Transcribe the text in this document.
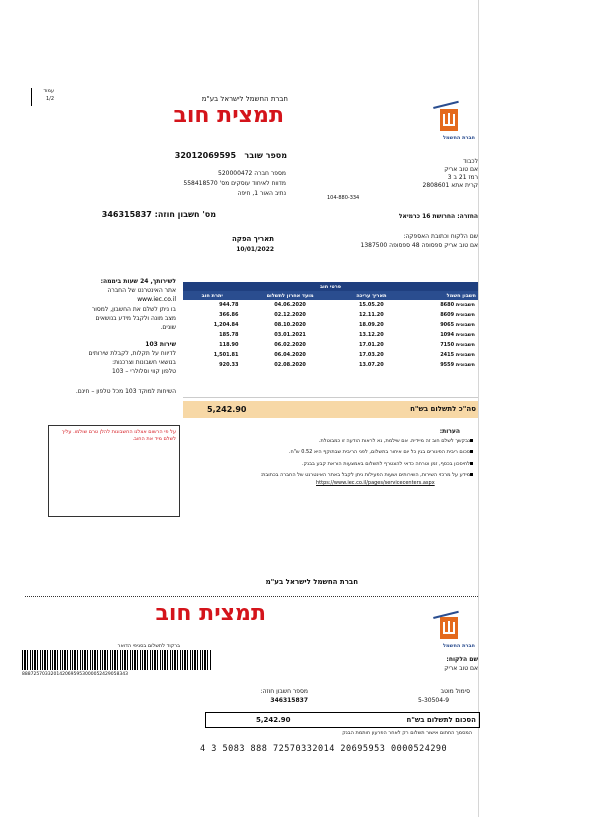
עמוד
1/2	חברת החשמל לישראל בע"מ
תמצית חוב
חברת החשמל
מספר שובר   32012069595
מספר חברה 520000472
מדווח לאיחוד עוסקים מס' 558418570
נתיב האור 1, חיפה
לכבוד
אם טוב אריק
רמז 21 ב 3
קרית אתא 2808601
104-880-334
מס' חשבון חוזה: 346315837	החזרה: החרושת 16 כרמיאל
תאריך הפקה
10/01/2022
שם הלקוח וכתובת האספקה:
אם טוב אריק ספסופה 48 ספסופה 1387500
לשירותך, 24 שעות ביממה:
אתר האינטרנט של החברה
www.iec.co.il
בו ניתן לשלם את החשבון, למסור
מצב מונה ולקבל מידע בנושאים
שונים.
שירות 103
לדיווח על תקלות, לקבלת שירותים
בנושאי חשבונות וצרכנות:
טלפון קווי וסלולרי – 103
השיחות למוקד 103 מכל טלפון – חינם.
על פי הרשום אצלנו החשבונות להלן טרם שולמו. עליך לשלם מיד את החוב.
פרטי חוב			
חשבון חשמל	תאריך עריכה	מועד אחרון לתשלום	יתרת חוב
חשבונית 8680	15.05.20	04.06.2020	944.78
חשבונית 8609	12.11.20	02.12.2020	366.86
חשבונית 9065	18.09.20	08.10.2020	1,204.84
חשבונית 1094	13.12.20	03.01.2021	185.78
חשבונית 7150	17.01.20	06.02.2020	118.90
חשבונית 2415	17.03.20	06.04.2020	1,501.81
חשבונית 9559	13.07.20	02.08.2020	920.33
סה"כ לתשלום בש"ח
5,242.90
הערות:
נבקשך לשלם חוב זה מיידית. אם שילמת, נא לראות הודעה זו כמבוטלת.
סכום ריבית הפיגורים בגין כל יום איחור בתשלום, לפני הריבית שבתוקף היא 0.52 ש"ח.
לחיסכון בכסף, זמן וטרחה כדאי להצטרף לתשלום באמצעות הוראת קבע בבנק.
מידע על מרכזי השירות, השירותים ושעות הפעילות ניתן לקבל באתר האינטרנט של החברה בכתובת:
https://www.iec.co.il/pages/servicecenters.aspx
חברת החשמל לישראל בע"מ
תמצית חוב
חברת החשמל
ברקוד לתשלום בסניפי הדואר
8887257033201420695953000052429058343
שם הלקוח:
אם טוב אריק
מספר חשבון חוזה:
346315837
סימול מוטב
5-30504-9
הסכום לתשלום בש"ח
5,242.90
המסמך החתום אישור תשלום רק לאחר הפרעון חותמת הבנק
4 3 5083 888 72570332014 20695953 0000524290
